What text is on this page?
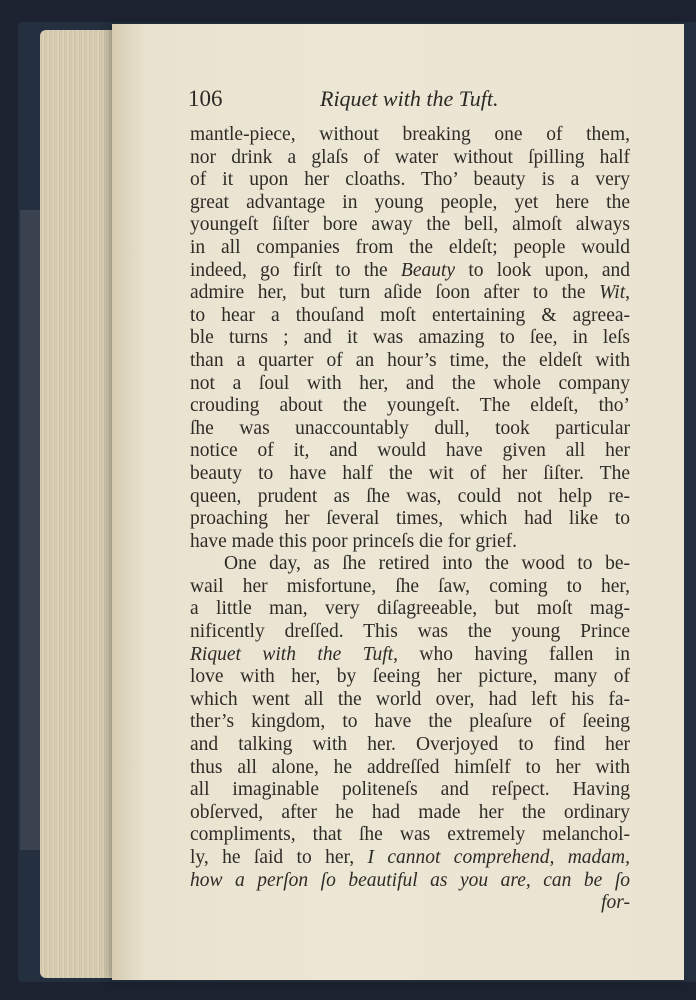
106	Riquet with the Tuft.
mantle-piece, without breaking one of them,
nor drink a glaſs of water without ſpilling half
of it upon her cloaths. Tho’ beauty is a very
great advantage in young people, yet here the
youngeſt ſiſter bore away the bell, almoſt always
in all companies from the eldeſt; people would
indeed, go firſt to the Beauty to look upon, and
admire her, but turn aſide ſoon after to the Wit,
to hear a thouſand moſt entertaining & agreea-
ble turns ; and it was amazing to ſee, in leſs
than a quarter of an hour’s time, the eldeſt with
not a ſoul with her, and the whole company
crouding about the youngeſt. The eldeſt, tho’
ſhe was unaccountably dull, took particular
notice of it, and would have given all her
beauty to have half the wit of her ſiſter. The
queen, prudent as ſhe was, could not help re-
proaching her ſeveral times, which had like to
have made this poor princeſs die for grief.
One day, as ſhe retired into the wood to be-
wail her misfortune, ſhe ſaw, coming to her,
a little man, very diſagreeable, but moſt mag-
nificently dreſſed. This was the young Prince
Riquet with the Tuft, who having fallen in
love with her, by ſeeing her picture, many of
which went all the world over, had left his fa-
ther’s kingdom, to have the pleaſure of ſeeing
and talking with her. Overjoyed to find her
thus all alone, he addreſſed himſelf to her with
all imaginable politeneſs and reſpect. Having
obſerved, after he had made her the ordinary
compliments, that ſhe was extremely melanchol-
ly, he ſaid to her, I cannot comprehend, madam,
how a perſon ſo beautiful as you are, can be ſo
for-
